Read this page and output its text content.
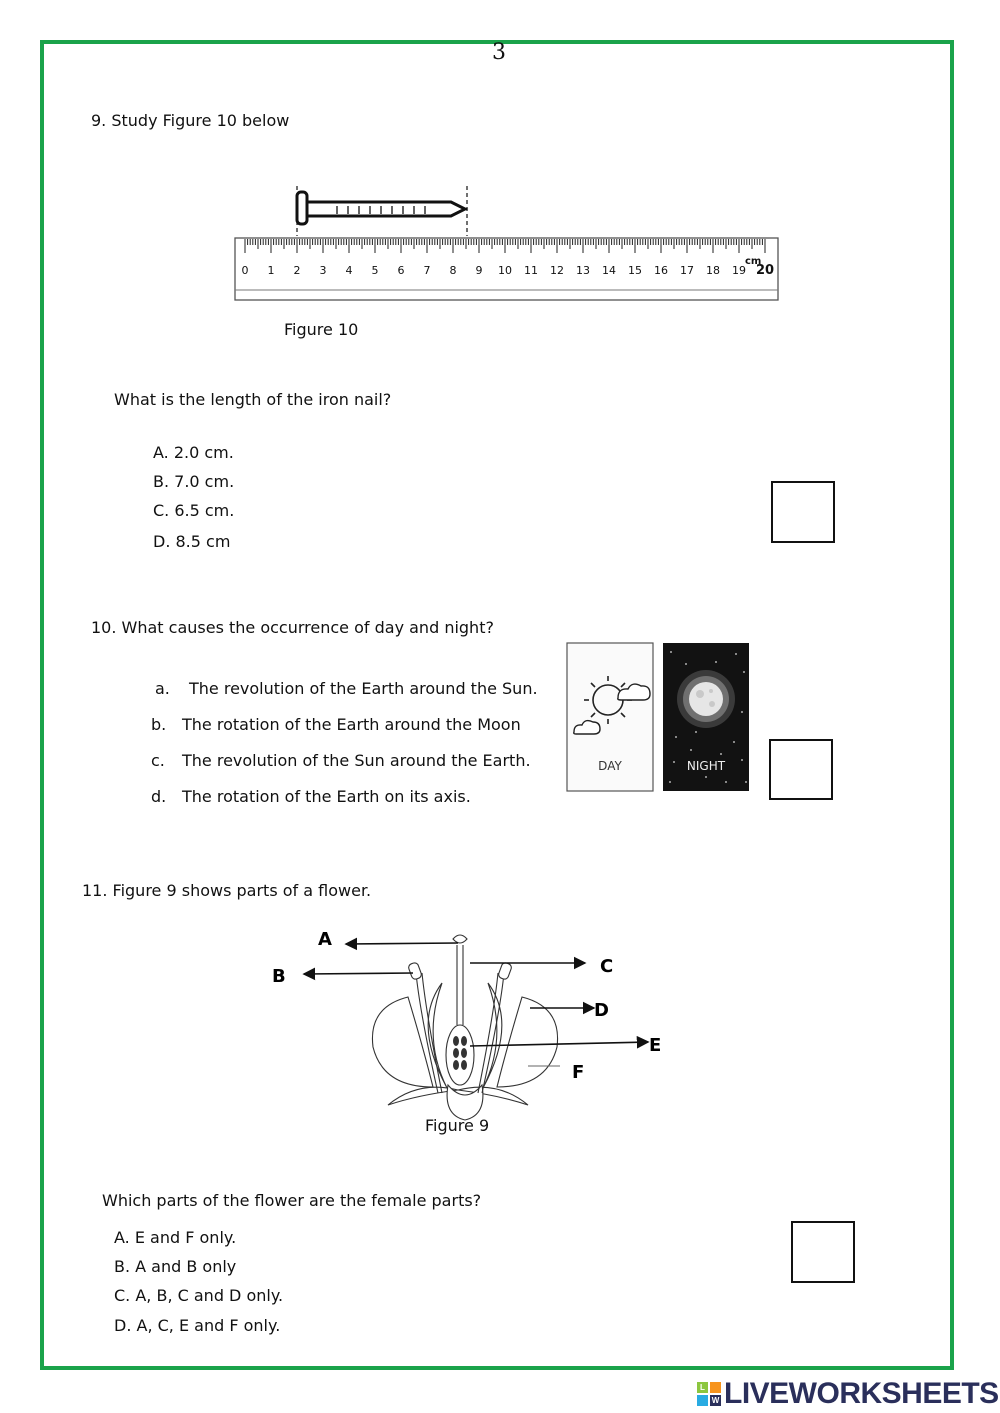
3
9. Study Figure 10 below
0 1 2 3 4 5 6 7 8 9 10 11 12 13 14 15 16 17 18 19 20
cm
Figure 10
What is the length of the iron nail?
A. 2.0 cm.
B. 7.0 cm.
C. 6.5 cm.
D. 8.5 cm
10. What causes the occurrence of day and night?
a. The revolution of the Earth around the Sun.
b. The rotation of the Earth around the Moon
c. The revolution of the Sun around the Earth.
d. The rotation of the Earth on its axis.
DAY	NIGHT
11. Figure 9 shows parts of a flower.
A
B	C
D
E
F
Figure 9
Which parts of the flower are the female parts?
A. E and F only.
B. A and B only
C. A, B, C and D only.
D. A, C, E and F only.
L
W LIVEWORKSHEETS
